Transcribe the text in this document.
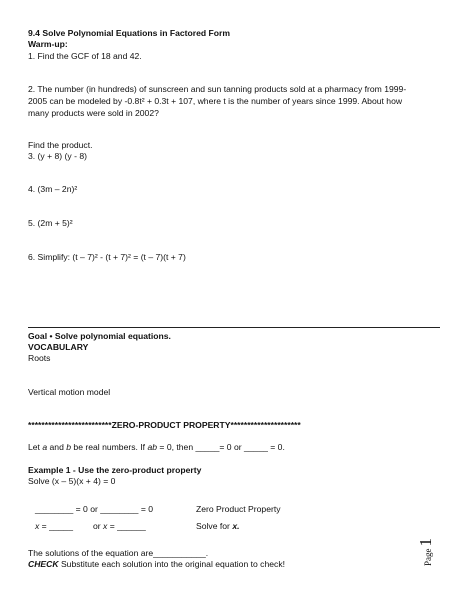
9.4 Solve Polynomial Equations in Factored Form
Warm-up:
1. Find the GCF of 18 and 42.
2. The number (in hundreds) of sunscreen and sun tanning products sold at a pharmacy from 1999-
2005 can be modeled by -0.8t² + 0.3t + 107, where t is the number of years since 1999. About how
many products were sold in 2002?
Find the product.
3. (y + 8) (y - 8)
4. (3m – 2n)²
5. (2m + 5)²
6. Simplify: (t – 7)² - (t + 7)² = (t – 7)(t + 7)
Goal • Solve polynomial equations.
VOCABULARY
Roots
Vertical motion model
*************************ZERO-PRODUCT PROPERTY*********************
Let a and b be real numbers. If ab = 0, then _____= 0 or _____ = 0.
Example 1 - Use the zero-product property
Solve (x – 5)(x + 4) = 0
________ = 0 or ________ = 0	Zero Product Property
x = _____ or x = ______	Solve for x.
The solutions of the equation are___________.
CHECK Substitute each solution into the original equation to check!	Page1
